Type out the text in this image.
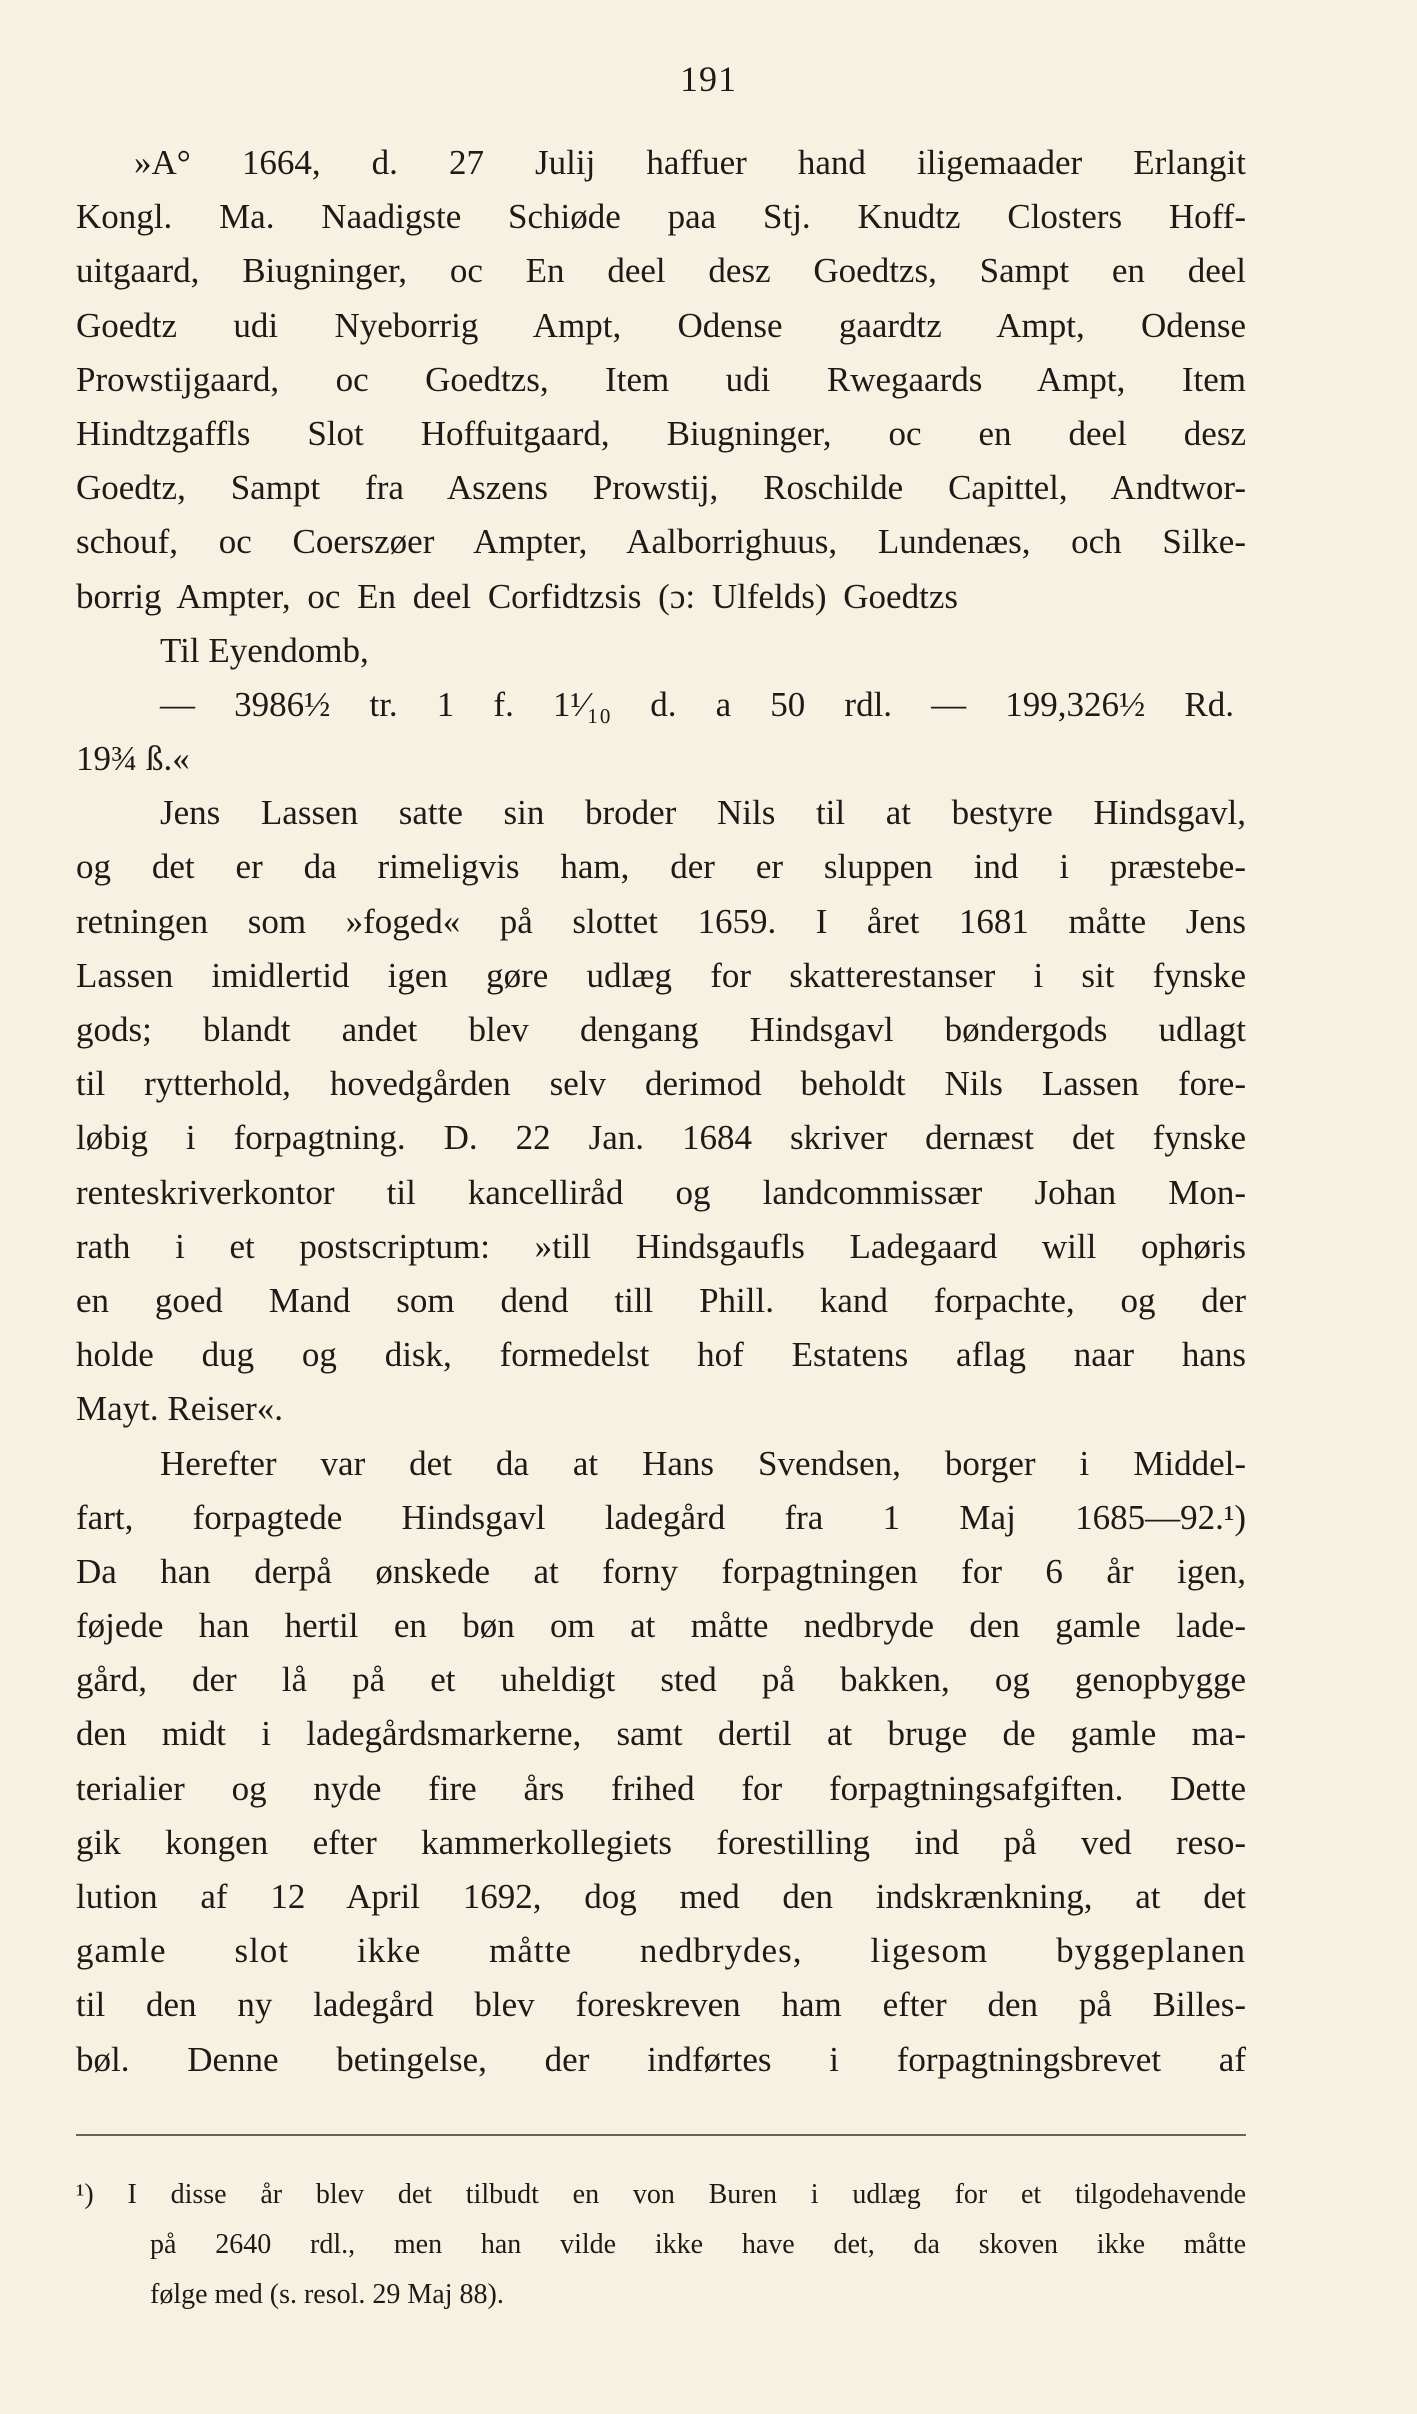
191
»A° 1664, d. 27 Julij haffuer hand iligemaader Erlangit
Kongl. Ma. Naadigste Schiøde paa Stj. Knudtz Closters Hoff-
uitgaard, Biugninger, oc En deel desz Goedtzs, Sampt en deel
Goedtz udi Nyeborrig Ampt, Odense gaardtz Ampt, Odense
Prowstijgaard, oc Goedtzs, Item udi Rwegaards Ampt, Item
Hindtzgaffls Slot Hoffuitgaard, Biugninger, oc en deel desz
Goedtz, Sampt fra Aszens Prowstij, Roschilde Capittel, Andtwor-
schouf, oc Coerszøer Ampter, Aalborrighuus, Lundenæs, och Silke-
borrig Ampter, oc En deel Corfidtzsis (ɔ: Ulfelds) Goedtzs
Til Eyendomb,
— 3986½ tr. 1 f. 1¹⁄₁₀ d. a 50 rdl. — 199,326½ Rd.
19¾ ß.«
Jens Lassen satte sin broder Nils til at bestyre Hindsgavl,
og det er da rimeligvis ham, der er sluppen ind i præstebe-
retningen som »foged« på slottet 1659. I året 1681 måtte Jens
Lassen imidlertid igen gøre udlæg for skatterestanser i sit fynske
gods; blandt andet blev dengang Hindsgavl bøndergods udlagt
til rytterhold, hovedgården selv derimod beholdt Nils Lassen fore-
løbig i forpagtning. D. 22 Jan. 1684 skriver dernæst det fynske
renteskriverkontor til kancelliråd og landcommissær Johan Mon-
rath i et postscriptum: »till Hindsgaufls Ladegaard will ophøris
en goed Mand som dend till Phill. kand forpachte, og der
holde dug og disk, formedelst hof Estatens aflag naar hans
Mayt. Reiser«.
Herefter var det da at Hans Svendsen, borger i Middel-
fart, forpagtede Hindsgavl ladegård fra 1 Maj 1685—92.¹)
Da han derpå ønskede at forny forpagtningen for 6 år igen,
føjede han hertil en bøn om at måtte nedbryde den gamle lade-
gård, der lå på et uheldigt sted på bakken, og genopbygge
den midt i ladegårdsmarkerne, samt dertil at bruge de gamle ma-
terialier og nyde fire års frihed for forpagtningsafgiften. Dette
gik kongen efter kammerkollegiets forestilling ind på ved reso-
lution af 12 April 1692, dog med den indskrænkning, at det
gamle slot ikke måtte nedbrydes, ligesom byggeplanen
til den ny ladegård blev foreskreven ham efter den på Billes-
bøl. Denne betingelse, der indførtes i forpagtningsbrevet af
¹) I disse år blev det tilbudt en von Buren i udlæg for et tilgodehavende
på 2640 rdl., men han vilde ikke have det, da skoven ikke måtte
følge med (s. resol. 29 Maj 88).
